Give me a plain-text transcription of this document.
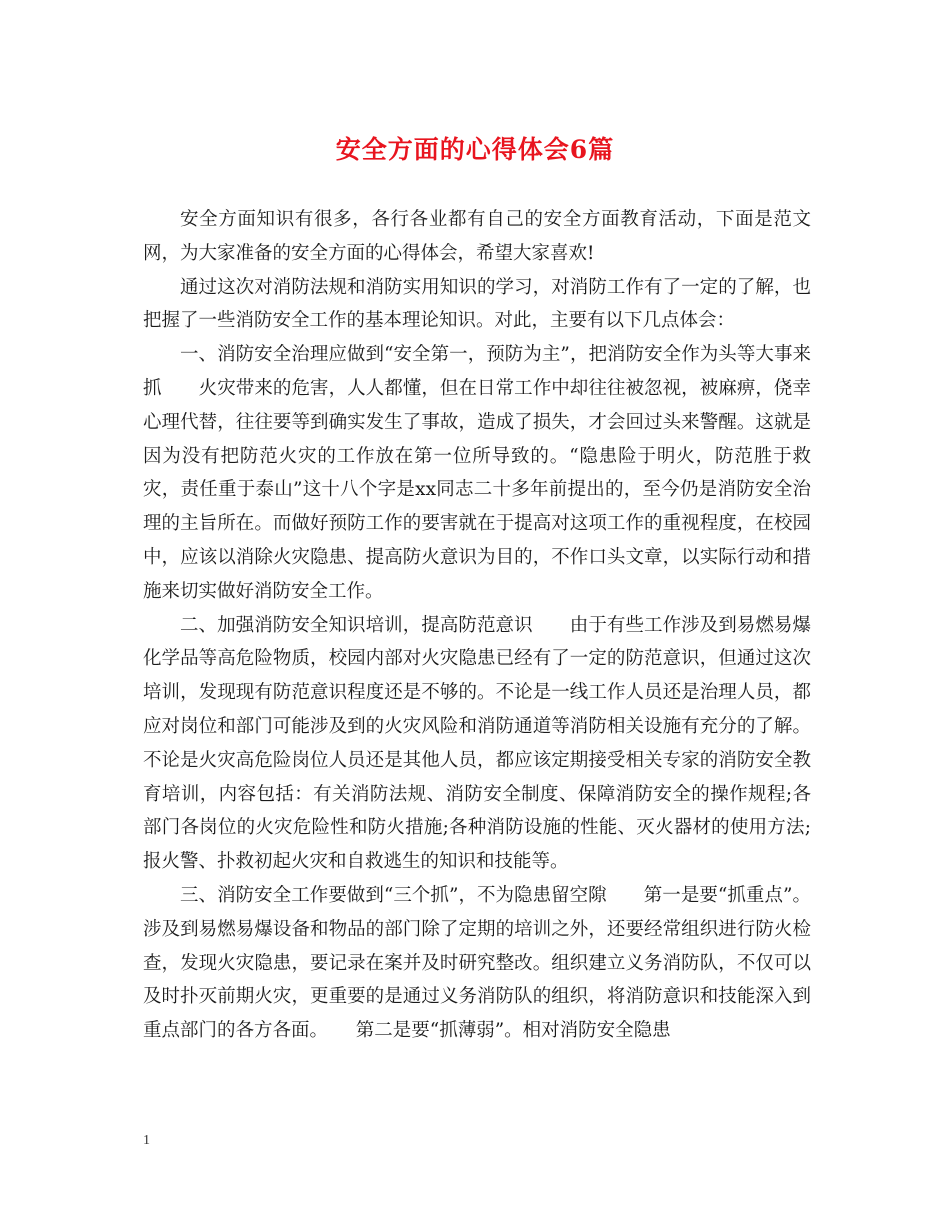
安全方面的心得体会6篇

安全方面知识有很多，各行各业都有自己的安全方面教育活动，下面是范文网，为大家准备的安全方面的心得体会，希望大家喜欢!

通过这次对消防法规和消防实用知识的学习，对消防工作有了一定的了解，也把握了一些消防安全工作的基本理论知识。对此，主要有以下几点体会：

一、消防安全治理应做到“安全第一，预防为主”，把消防安全作为头等大事来抓　　火灾带来的危害，人人都懂，但在日常工作中却往往被忽视，被麻痹，侥幸心理代替，往往要等到确实发生了事故，造成了损失，才会回过头来警醒。这就是因为没有把防范火灾的工作放在第一位所导致的。“隐患险于明火，防范胜于救灾，责任重于泰山”这十八个字是xx同志二十多年前提出的，至今仍是消防安全治理的主旨所在。而做好预防工作的要害就在于提高对这项工作的重视程度，在校园中，应该以消除火灾隐患、提高防火意识为目的，不作口头文章，以实际行动和措施来切实做好消防安全工作。

二、加强消防安全知识培训，提高防范意识　　由于有些工作涉及到易燃易爆化学品等高危险物质，校园内部对火灾隐患已经有了一定的防范意识，但通过这次培训，发现现有防范意识程度还是不够的。不论是一线工作人员还是治理人员，都应对岗位和部门可能涉及到的火灾风险和消防通道等消防相关设施有充分的了解。不论是火灾高危险岗位人员还是其他人员，都应该定期接受相关专家的消防安全教育培训，内容包括：有关消防法规、消防安全制度、保障消防安全的操作规程;各部门各岗位的火灾危险性和防火措施;各种消防设施的性能、灭火器材的使用方法;报火警、扑救初起火灾和自救逃生的知识和技能等。

三、消防安全工作要做到“三个抓”，不为隐患留空隙　　第一是要“抓重点”。涉及到易燃易爆设备和物品的部门除了定期的培训之外，还要经常组织进行防火检查，发现火灾隐患，要记录在案并及时研究整改。组织建立义务消防队，不仅可以及时扑灭前期火灾，更重要的是通过义务消防队的组织，将消防意识和技能深入到重点部门的各方各面。　　第二是要“抓薄弱”。相对消防安全隐患

1
